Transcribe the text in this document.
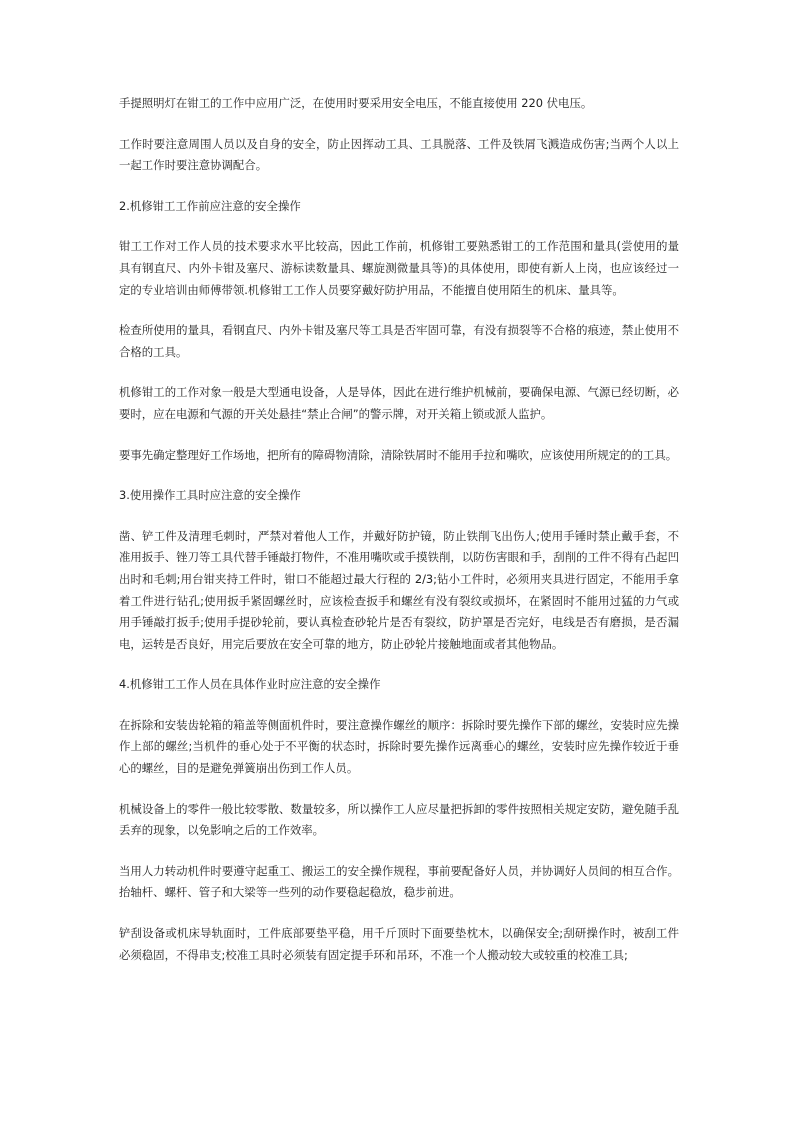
手提照明灯在钳工的工作中应用广泛，在使用时要采用安全电压，不能直接使用 220 伏电压。

工作时要注意周围人员以及自身的安全，防止因挥动工具、工具脱落、工件及铁屑飞溅造成伤害;当两个人以上一起工作时要注意协调配合。

2.机修钳工工作前应注意的安全操作

钳工工作对工作人员的技术要求水平比较高，因此工作前，机修钳工要熟悉钳工的工作范围和量具(尝使用的量具有钢直尺、内外卡钳及塞尺、游标读数量具、螺旋测微量具等)的具体使用，即使有新人上岗，也应该经过一定的专业培训由师傅带领.机修钳工工作人员要穿戴好防护用品，不能擅自使用陌生的机床、量具等。

检查所使用的量具，看钢直尺、内外卡钳及塞尺等工具是否牢固可靠，有没有损裂等不合格的痕迹，禁止使用不合格的工具。

机修钳工的工作对象一般是大型通电设备，人是导体，因此在进行维护机械前，要确保电源、气源已经切断，必要时，应在电源和气源的开关处悬挂“禁止合闸”的警示牌，对开关箱上锁或派人监护。

要事先确定整理好工作场地，把所有的障碍物清除，清除铁屑时不能用手拉和嘴吹，应该使用所规定的的工具。

3.使用操作工具时应注意的安全操作

凿、铲工件及清理毛刺时，严禁对着他人工作，并戴好防护镜，防止铁削飞出伤人;使用手锤时禁止戴手套，不准用扳手、锉刀等工具代替手锤敲打物件，不准用嘴吹或手摸铁削，以防伤害眼和手，刮削的工件不得有凸起凹出时和毛刺;用台钳夹持工件时，钳口不能超过最大行程的 2/3;钻小工件时，必须用夹具进行固定，不能用手拿着工件进行钻孔;使用扳手紧固螺丝时，应该检查扳手和螺丝有没有裂纹或损坏，在紧固时不能用过猛的力气或用手锤敲打扳手;使用手提砂轮前，要认真检查砂轮片是否有裂纹，防护罩是否完好，电线是否有磨损，是否漏电，运转是否良好，用完后要放在安全可靠的地方，防止砂轮片接触地面或者其他物品。

4.机修钳工工作人员在具体作业时应注意的安全操作

在拆除和安装齿轮箱的箱盖等侧面机件时，要注意操作螺丝的顺序：拆除时要先操作下部的螺丝，安装时应先操作上部的螺丝;当机件的垂心处于不平衡的状态时，拆除时要先操作远离垂心的螺丝，安装时应先操作较近于垂心的螺丝，目的是避免弹簧崩出伤到工作人员。

机械设备上的零件一般比较零散、数量较多，所以操作工人应尽量把拆卸的零件按照相关规定安防，避免随手乱丢弃的现象，以免影响之后的工作效率。

当用人力转动机件时要遵守起重工、搬运工的安全操作规程，事前要配备好人员，并协调好人员间的相互合作。抬轴杆、螺杆、管子和大梁等一些列的动作要稳起稳放，稳步前进。

铲刮设备或机床导轨面时，工件底部要垫平稳，用千斤顶时下面要垫枕木，以确保安全;刮研操作时，被刮工件必须稳固，不得串支;校准工具时必须装有固定提手环和吊环，不准一个人搬动较大或较重的校准工具;
